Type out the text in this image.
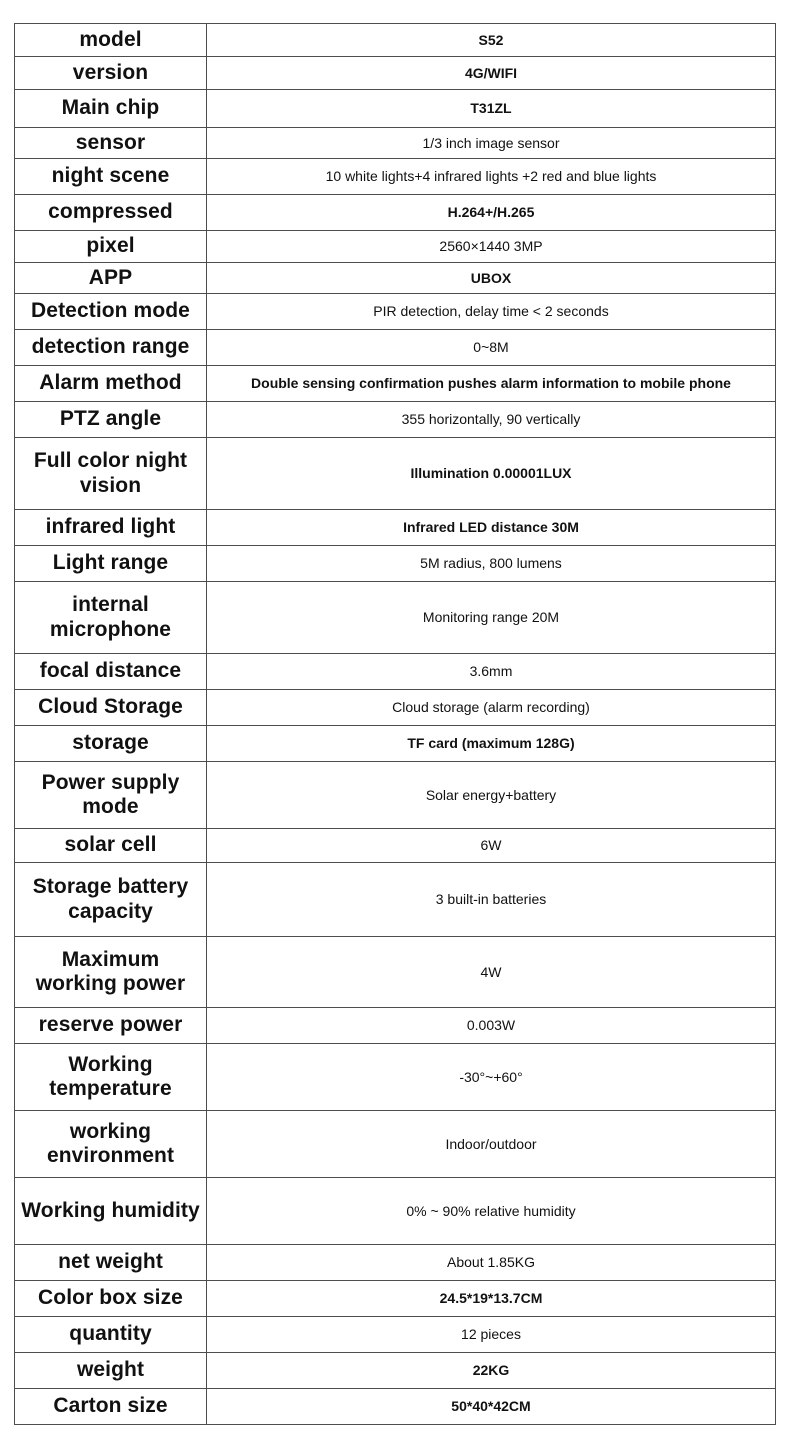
model	S52
version	4G/WIFI
Main chip	T31ZL
sensor	1/3 inch image sensor
night scene	10 white lights+4 infrared lights +2 red and blue lights
compressed	H.264+/H.265
pixel	2560×1440 3MP
APP	UBOX
Detection mode	PIR detection, delay time < 2 seconds
detection range	0~8M
Alarm method	Double sensing confirmation pushes alarm information to mobile phone
PTZ angle	355 horizontally, 90 vertically
Full color night vision	Illumination 0.00001LUX
infrared light	Infrared LED distance 30M
Light range	5M radius, 800 lumens
internal microphone	Monitoring range 20M
focal distance	3.6mm
Cloud Storage	Cloud storage (alarm recording)
storage	TF card (maximum 128G)
Power supply mode	Solar energy+battery
solar cell	6W
Storage battery capacity	3 built-in batteries
Maximum working power	4W
reserve power	0.003W
Working temperature	-30°~+60°
working environment	Indoor/outdoor
Working humidity	0% ~ 90% relative humidity
net weight	About 1.85KG
Color box size	24.5*19*13.7CM
quantity	12 pieces
weight	22KG
Carton size	50*40*42CM
